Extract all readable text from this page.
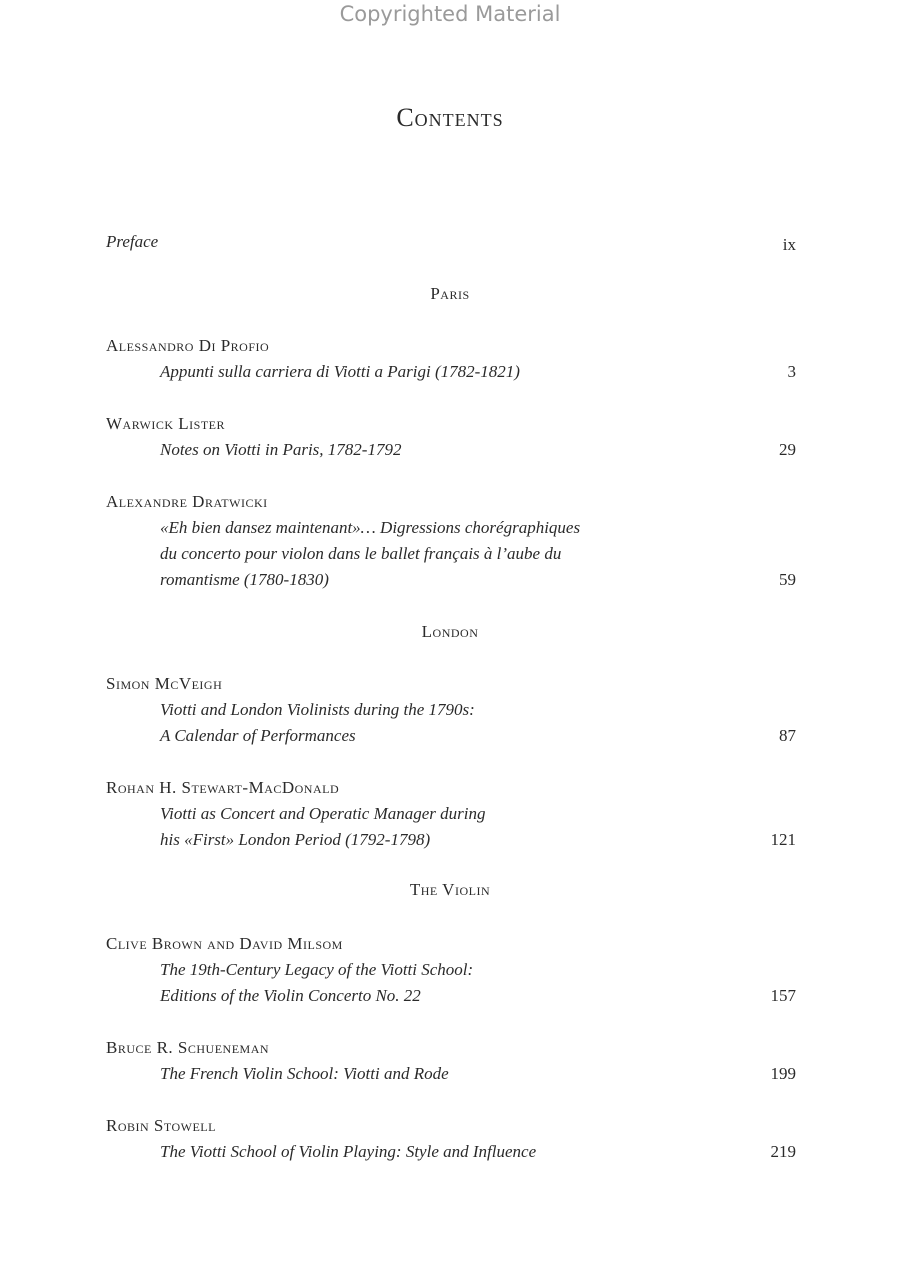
Copyrighted Material
Contents
Preface	ix
Paris
Alessandro Di Profio
Appunti sulla carriera di Viotti a Parigi (1782-1821)	3
Warwick Lister
Notes on Viotti in Paris, 1782-1792	29
Alexandre Dratwicki
«Eh bien dansez maintenant»… Digressions chorégraphiques
du concerto pour violon dans le ballet français à l’aube du
romantisme (1780-1830)	59
London
Simon McVeigh
Viotti and London Violinists during the 1790s:
A Calendar of Performances	87
Rohan H. Stewart-MacDonald
Viotti as Concert and Operatic Manager during
his «First» London Period (1792-1798)	121
The Violin
Clive Brown and David Milsom
The 19th-Century Legacy of the Viotti School:
Editions of the Violin Concerto No. 22	157
Bruce R. Schueneman
The French Violin School: Viotti and Rode	199
Robin Stowell
The Viotti School of Violin Playing: Style and Influence	219
